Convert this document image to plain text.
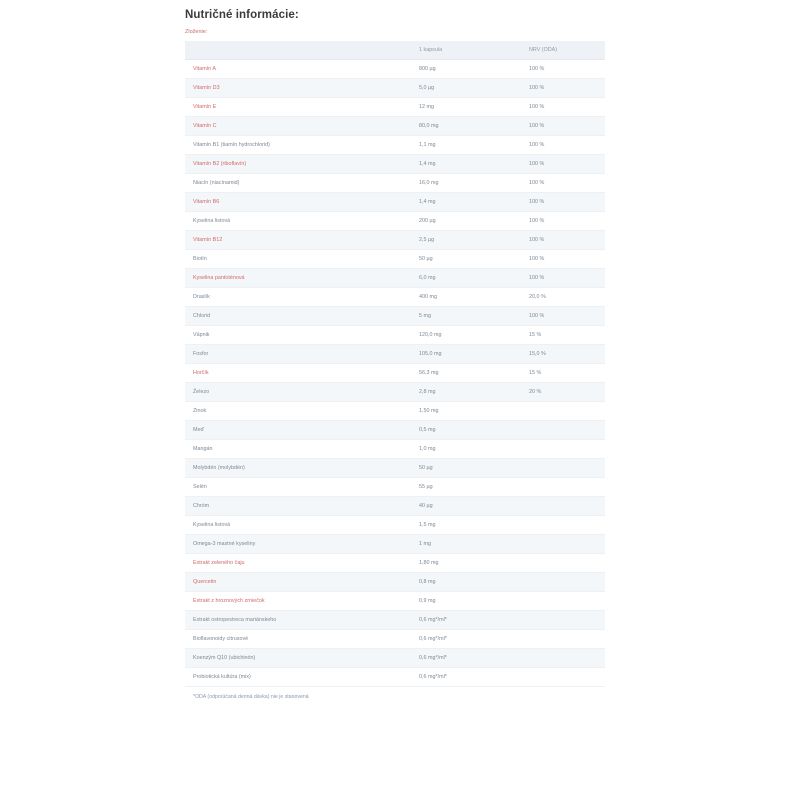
Nutričné informácie:
Zloženie:
	1 kapsula	NRV (ODA)
Vitamín A	800 µg	100 %
Vitamín D3	5,0 µg	100 %
Vitamín E	12 mg	100 %
Vitamín C	80,0 mg	100 %
Vitamín B1 (tiamín hydrochlorid)	1,1 mg	100 %
Vitamín B2 (riboflavín)	1,4 mg	100 %
Niacín (niacínamid)	16,0 mg	100 %
Vitamín B6	1,4 mg	100 %
Kyselina listová	200 µg	100 %
Vitamín B12	2,5 µg	100 %
Biotín	50 µg	100 %
Kyselina pantoténová	6,0 mg	100 %
Draslík	400 mg	20,0 %
Chlorid	5 mg	100 %
Vápnik	120,0 mg	15 %
Fosfor	105,0 mg	15,0 %
Horčík	56,3 mg	15 %
Železo	2,8 mg	20 %
Zinok	1,50 mg	
Meď	0,5 mg	
Mangán	1,0 mg	
Molybdén (molybdén)	50 µg	
Selén	55 µg	
Chróm	40 µg	
Kyselina listová	1,5 mg	
Omega-3 mastné kyseliny	1 mg	
Extrakt zeleného čaju	1,80 mg	
Quercetin	0,8 mg	
Extrakt z hroznových zrniečok	0,9 mg	
Extrakt ostropestreca mariánskeho	0,6 mg*/ml*	
Bioflavonoidy citrusové	0,6 mg*/ml*	
Koenzým Q10 (ubichinón)	0,6 mg*/ml*	
Probiotická kultúra (mix)	0,6 mg*/ml*	
*ODA (odporúčaná denná dávka) nie je stanovená
